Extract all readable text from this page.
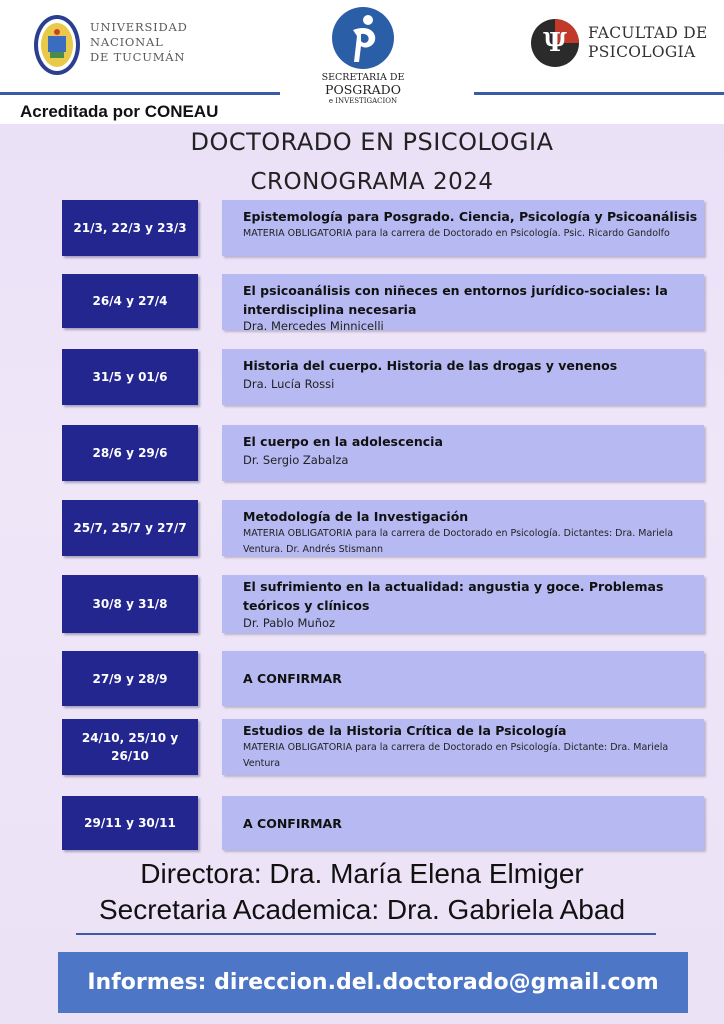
UNIVERSIDAD
NACIONAL
DE TUCUMÁN
SECRETARIA DE
POSGRADO
e INVESTIGACION
Ψ FACULTAD DE
PSICOLOGIA
Acreditada por CONEAU
DOCTORADO EN PSICOLOGIA
CRONOGRAMA 2024
21/3, 22/3 y 23/3
Epistemología para Posgrado. Ciencia, Psicología y Psicoanálisis
MATERIA OBLIGATORIA para la carrera de Doctorado en Psicología. Psic. Ricardo Gandolfo
26/4 y 27/4
El psicoanálisis con niñeces en entornos jurídico-sociales: la interdisciplina necesaria
Dra. Mercedes Minnicelli
31/5 y 01/6
Historia del cuerpo. Historia de las drogas y venenos
Dra. Lucía Rossi
28/6 y 29/6
El cuerpo en la adolescencia
Dr. Sergio Zabalza
25/7, 25/7 y 27/7
Metodología de la Investigación
MATERIA OBLIGATORIA para la carrera de Doctorado en Psicología. Dictantes: Dra. Mariela Ventura. Dr. Andrés Stismann
30/8 y 31/8
El sufrimiento en la actualidad: angustia y goce. Problemas teóricos y clínicos
Dr. Pablo Muñoz
27/9 y 28/9	A CONFIRMAR
24/10, 25/10 y 26/10
Estudios de la Historia Crítica de la Psicología
MATERIA OBLIGATORIA para la carrera de Doctorado en Psicología. Dictante: Dra. Mariela Ventura
29/11 y 30/11	A CONFIRMAR
Directora: Dra. María Elena Elmiger
Secretaria Academica: Dra. Gabriela Abad
Informes: direccion.del.doctorado@gmail.com
